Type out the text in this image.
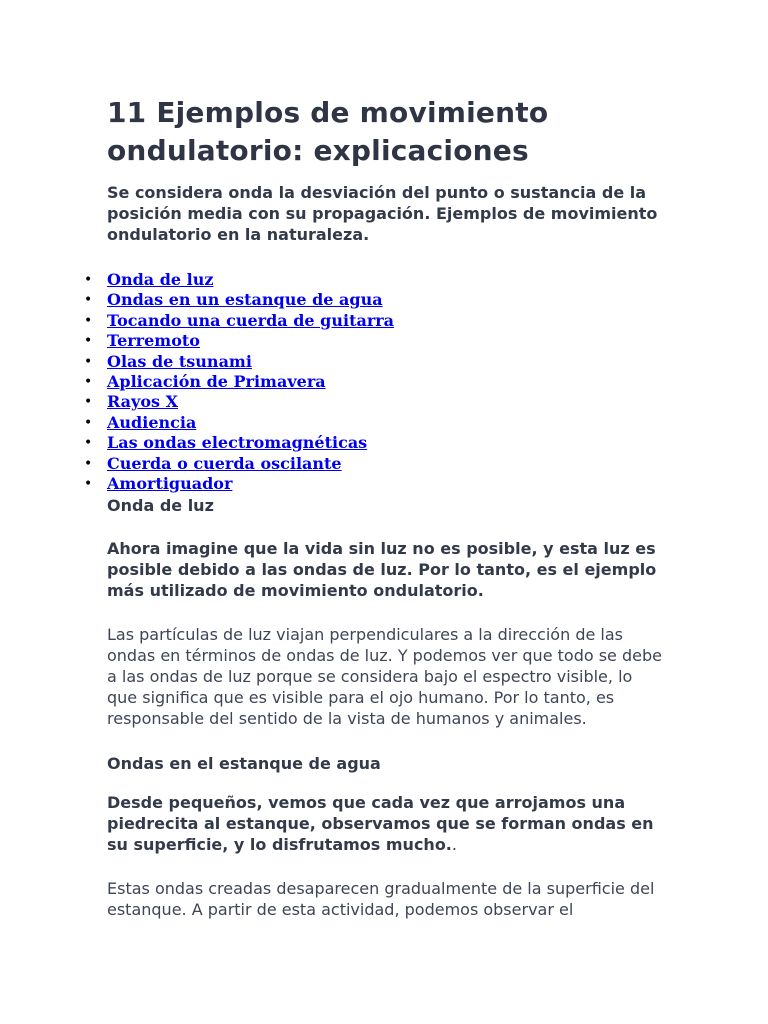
11 Ejemplos de movimiento ondulatorio: explicaciones

Se considera onda la desviación del punto o sustancia de la posición media con su propagación. Ejemplos de movimiento ondulatorio en la naturaleza.

• Onda de luz
• Ondas en un estanque de agua
• Tocando una cuerda de guitarra
• Terremoto
• Olas de tsunami
• Aplicación de Primavera
• Rayos X
• Audiencia
• Las ondas electromagnéticas
• Cuerda o cuerda oscilante
• Amortiguador
Onda de luz

Ahora imagine que la vida sin luz no es posible, y esta luz es posible debido a las ondas de luz. Por lo tanto, es el ejemplo más utilizado de movimiento ondulatorio.

Las partículas de luz viajan perpendiculares a la dirección de las ondas en términos de ondas de luz. Y podemos ver que todo se debe a las ondas de luz porque se considera bajo el espectro visible, lo que significa que es visible para el ojo humano. Por lo tanto, es responsable del sentido de la vista de humanos y animales.

Ondas en el estanque de agua

Desde pequeños, vemos que cada vez que arrojamos una piedrecita al estanque, observamos que se forman ondas en su superficie, y lo disfrutamos mucho..

Estas ondas creadas desaparecen gradualmente de la superficie del estanque. A partir de esta actividad, podemos observar el
